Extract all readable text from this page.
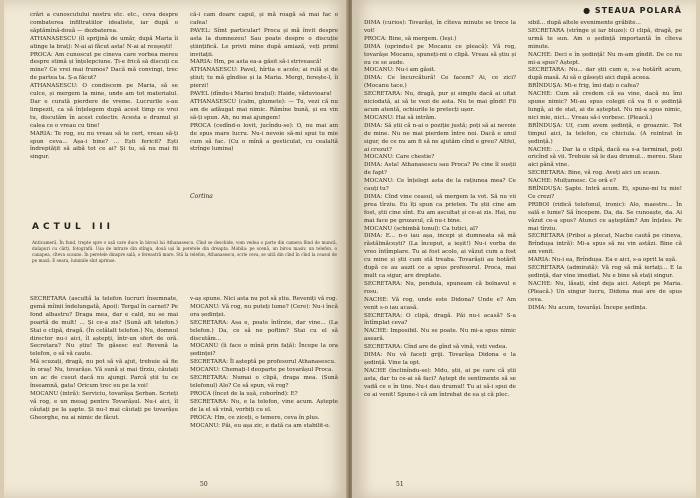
crări a cunoscutului nostru etc. etc., ceva despre combaterea infiltratiilor idealiste, iar după o săptămînă-două — dezbaterea.

ATHANASESCU (îl sprijină de umăr, după Maria îi atinge la braț): N-ai ai făcut asta! N-ai al reușești!

PROCA: Am cunoscut pe cineva care vorbea mereu despre stimă și înțelepciune. Ți-e frică să discuți cu mine? Ce vrei mai frumos? Dacă mă convingi, trec de partea ta. Ș-a făcut?

ATHANASESCU: O condiscem pe Maria, să se culce, și mergem la mine, unde am tot materialul. Dar e curată pierdere de vreme. Lucrurile s-au limpezit, ca să înțelegem după acest timp ce vrei tu, discutăm în acest colectiv. Acesta e drumul și calea ce o vreau cu tine!

MARIA: Te rog, eu nu vreau să te cert, vreau să-ți spun ceva... Așa-i bine? ... Ești fericit? Ești îndreptățit să aibă tot ce ai? Și tu, să nu mai fii singur.

că-i cam doare capul, și mă roagă să mai fac o cafea!

PAVEL: Sîmt particular! Proca și mă învit despre asta la dumnezeu! Sau poate despre o discuție științifică. Le privii mine după amiază, veți primi invitații.

MARIA: Hm, pe asta ea-a găsit să-i strivească!

ATHANASESCU: Pavel, hîrtia e acolo; ai rulă și de știut; tu mă gîndise și la Maria. Mergi, ferește-l, îi pierzi!

PAVEL (dîndu-i Mariei brațul): Haide, văduvioara!

ATHANASESCU (calm, glumete): — Tu, vezi că nu am de adăugat mai nimic. Rămîne bună, și eu vin să-ți spun. Ah, nu mai ajungem!

PROCA (cedînd-o lovit, jucîndu-se): O, nu mai am de spus mare lucru. Nu-i nevoie să-mi spui tu mie cum să fac. (Cu o mînă a gesticulat, cu cealaltă strînge lumina)

Cortina
ACTUL III
Anticamerǎ. În fund, trepte spre o ușă care duce în biroul lui Athanasescu. Cînd se deschide, vom vedea o parte din camera fiind de muncă, dulapuri cu cărți, fotografii. Ușa de intrare din stînga, două uși în peretele din dreapta. Mobila: pe scenă, un birou masiv, un telefon, o canapea, cîteva scaune. În peretele dinspre sală, o fereastră mare. Stă la telefon, Athanasescu, scrie ceva, se uită din cînd în cînd la ceasul de pe masă. E seara, luminile sînt aprinse.

SECRETARA (ascultă la telefon lucruri însemnate, gemă mîinii îndelungată, Apoi): Tergal în carnet? Pe fond albastru? Draga mea, dar e cald, nu se mai poartă de mult! ... Și ce-a zis? (Sună alt telefon.) Stai o clipă, dragă. (În celălalt telefon.) Nu, domnul director nu-i aici, îl aștepți, într-un sfert de oră. Secretara? Nu știu! Te găsesc eu! Revenă la telefon, o să vă caute.

Mă scuzați, dragă, nu pot să vă ajut, trebuie să fie în oraș! Nu, tovarășe. Vă sună și mai tîrziu, căutați un ac de cusut dacă nu ajungi. Parcă știi tu ce înseamnă, gata! Oricum trec eu pe la voi!

MOCANU (intră): Serviciu, tovarășa Șerban. Scrieți vă rog, e un mesaj pentru Tovarășul. Nu-i aici, îl căutați pe la șapte. Și nu-l mai căutați pe tovarășu Gheorghe, nu ai nimic de făcut.

v-aș spune. Nici asta nu pot să știu. Reveniți vă rog.

MOCANU: Vă rog, nu puteți lume? (Cere): Nu-i încă ora ședinței.

SECRETARA: Asa e, poate întîrzie, dar vine... (La telefon.) Da, ce să ne poftim? Stai cu el să discutăm...

MOCANU (îi face o mînă prin față): Începe la ora ședinței?

SECRETARA: Îl așteptă pe profesorul Athanasescu.

MOCANU: Chemați-l deoparte pe tovarășul Proca.

SECRETARA: Numai o clipă, draga mea. (Sună telefonul) Alo? Ce să spun, vă rog?

PROCA (încet de la ușă, coborînd): E?

SECRETARA: Nu, e la telefon, vine acum. Aștepte de la el să vină, vorbiți cu el.

PROCA: Hm, ce ziceți, o temere, ceva în plus.

MOCANU: Păi, eu așa zic, e dată ca am stabilit-o.

50
● STEAUA POLARĂ

DIMA (curios): Tovarăși, în cîteva minute se trece la vot!

PROCA: Bine, să mergem. (Ieși.)

DIMA (oprindu-l pe Mocanu ce pleacă): Vă rog, tovarășe Mocanu, spuneți-mi o clipă. Vreau să știu și eu ce se aude.

MOCANU: Nu-i am găsit.

DIMA: Ce încurcătură! Ce facem? Ai, ce zici? (Mocanu tace.)

SECRETARA: Nu, dragă, pur și simplu dacă ai uitat niciodată, ai să te vezi de asta. Nu te mai gîndi! Fii acum atentă, ochiurile le pretecți ușor.

MOCANU: Hai să intrăm.

DIMA: Să știi că n-ai o poziție justă; poți să ai nevoie de mine. Nu ne mai pierdem între noi. Dacă e unul sigur, de ce nu am fi să ne ajutăm cînd e greu? Altfel, ai crezut?

MOCANU: Care chestie?

DIMA: Asta! Athanasescu sau Proca? Pe cine îl susții de fapt?

MOCANU: Ce înțelegi asta de la rațiunea mea? Ce cauți tu?

DIMA: Cînd vine ceasul, să mergem la vot. Să nu vii prea tîrziu. Eu îți spun ca prieten. Tu știi cine am fost, știi cine sînt. Eu am ascultat și ce-ai zis. Hai, nu mai face pe grozavul, că nu-i bine.

MOCANU (schimbă tonul): Ca tutici, al?

DIMA: E... n-o iau așa, incepi și dumneata să mă răstălmăcești? (La început, a ieșit!) Nu-i vorba de vreo întîmplare. Tu ai fost acolo, ai văzut cum a fost cu mine și știi cum stă treaba. Tovarășii au hotărît după ce au auzit ce a spus profesorul. Proca, mai mult ca sigur, are dreptate.

SECRETARA: Nu, pendula, spuneam că bolnavul e rosu.

NACHE: Vă rog, unde este Didona? Unde e? Am venit s-o iau acasă.

SECRETARA: O clipă, dragă. Păi nu-i acasă? S-a întîmplat ceva?

NACHE: Imposibil. Nu se poate. Nu mi-a spus nimic aseară.

SECRETARA: Cînd are de gînd să vină, veți vedea.

DIMA: Nu vă faceți griji. Tovarășa Didona e la ședință. Vine la opt.

NACHE (înclinîndu-se): Mdu, știi, ai pe care că știi asta, dar tu ce-ai să faci? Aștept de sentimente să se vadă ce e în tine. Nu-i dau drumul! Tu ai să-i spui de ce ai venit! Spune-i că am întrebat de ea și că plec.

sibil... după altele evenimente grăbite...

SECRETARA (strînge și iar bluze): O clipă, dragă, pe urmă te sun. Am o ședință importantă în cîteva minute.

NACHE: Deci e în ședință! Nu m-am gîndit. De ce nu mi-a spus? Aștept.

SECRETARA: Nu... dar știi cum e, s-a hotărît acum, după masă. Ai să o găsești aici după aceea.

BRÎNDUȘA: Mi-e frig, îmi dați o cafea?

NACHE: Cum să credem că ea vine, dacă nu îmi spune nimic? Mi-au spus colegii că va fi o ședință lungă, ai de stat, ai de așteptat. Nu mi-a spus nimic, nici mie, nici... Vreau să-i vorbesc. (Pleacă.)

BRÎNDUȘA: Uf, cum avem ședință, e groaznic. Tot timpul aici, la telefon, cu chiciula. (A reintrat în ședință.)

NACHE: ... Dar la o clipă, dacă ea s-a terminat, poți oricînd să vii. Trebuie să le dau drumul... mereu. Stau aici până vine.

SECRETARA: Bine, vă rog. Aveți aici un scaun.

NACHE: Mulțumesc. Ce oră e?

BRÎNDUȘA: Șapte. Intră acum. Ei, spune-mi tu mie! Ce crezi?

PRIBOI (ridică telefonul, ironic): Alo, maestre... În sală e lume? Să începem. Da, da. Se cunoaște, da. Ai văzut ce-a spus? Atunci ce așteptăm? Am înțeles. Pe mai tîrziu.

SECRETARA (Priboi a plecat, Nache caută pe cineva, Brîndușa intră): Mi-a spus să nu vin astăzi. Bine că am venit.

MARIA: Nu-i ea, Brîndușa. Ea e aici, s-a oprit la ușă.

SECRETARA (admirată): Vă rog să mă iertați... E la ședință, dar vine imediat. Nu e bine să stați singur.

NACHE: Nu, lăsați, sînt deja aici. Aștept pe Maria. (Pleacă.) Un singur lucru, Didona mai are de spus ceva.

DIMA: Nu acum, tovarăși. Începe ședința.

51
